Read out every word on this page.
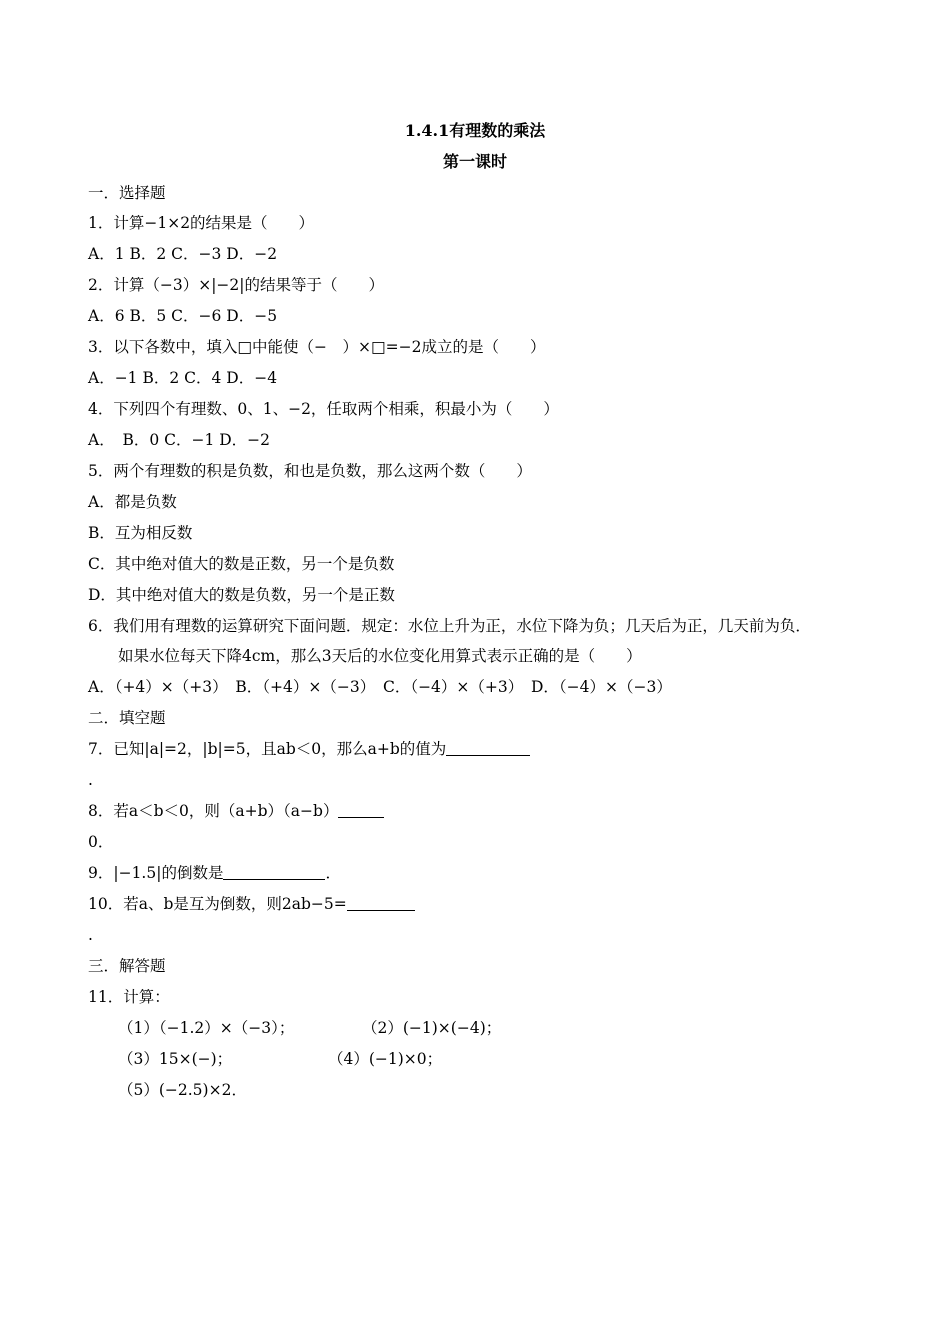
1.4.1有理数的乘法
第一课时
一．选择题
1．计算−1×2的结果是（　　）
A．1 B．2 C．−3 D．−2
2．计算（−3）×|−2|的结果等于（　　）
A．6 B．5 C．−6 D．−5
3．以下各数中，填入□中能使（−　）×□=−2成立的是（　　）
A．−1 B．2 C．4 D．−4
4．下列四个有理数、0、1、−2，任取两个相乘，积最小为（　　）
A．　B．0 C．−1 D．−2
5．两个有理数的积是负数，和也是负数，那么这两个数（　　）
A．都是负数
B．互为相反数
C．其中绝对值大的数是正数，另一个是负数
D．其中绝对值大的数是负数，另一个是正数
6．我们用有理数的运算研究下面问题．规定：水位上升为正，水位下降为负；几天后为正，几天前为负．
如果水位每天下降4cm，那么3天后的水位变化用算式表示正确的是（　　）
A．（+4）×（+3）　B．（+4）×（−3）　C．（−4）×（+3）　D．（−4）×（−3）
二．填空题
7．已知|a|=2，|b|=5，且ab＜0，那么a+b的值为
.
8．若a＜b＜0，则（a+b）（a−b）
0．
9．|−1.5|的倒数是	．
10．若a、b是互为倒数，则2ab−5=
.
三．解答题
11．计算：
（1）（−1.2）×（−3）；	（2）(−1)×(−4)；
（3）15×(−)；	（4）(−1)×0；
（5）(−2.5)×2．
